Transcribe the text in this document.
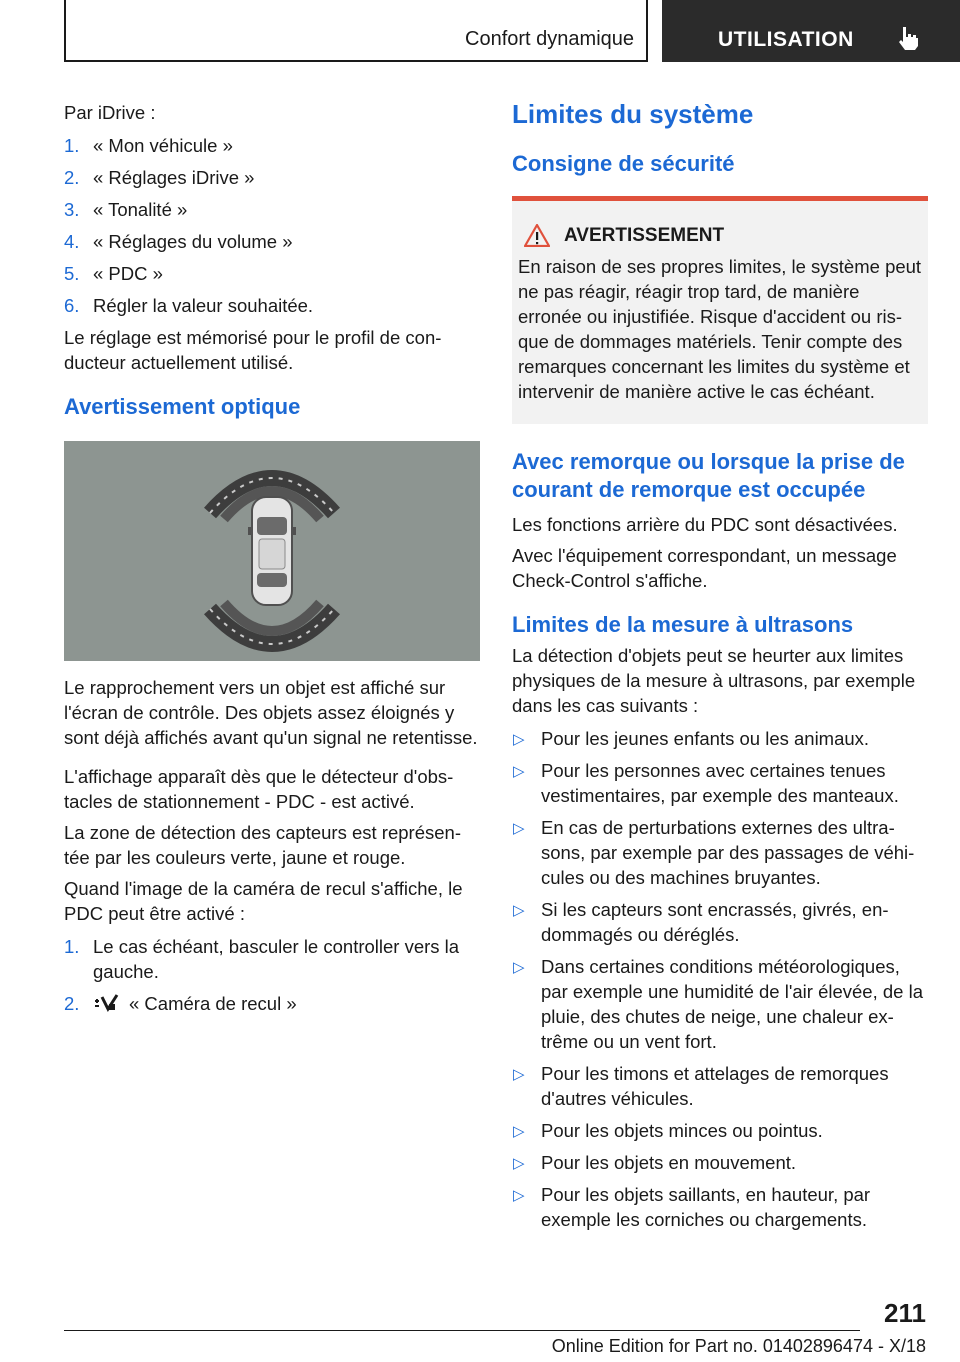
Confort dynamique	UTILISATION

Par iDrive :

1. « Mon véhicule »
2. « Réglages iDrive »
3. « Tonalité »
4. « Réglages du volume »
5. « PDC »
6. Régler la valeur souhaitée.

Le réglage est mémorisé pour le profil de conducteur actuellement utilisé.

Avertissement optique

Le rapprochement vers un objet est affiché sur l'écran de contrôle. Des objets assez éloignés y sont déjà affichés avant qu'un signal ne retentisse.

L'affichage apparaît dès que le détecteur d'obstacles de stationnement - PDC - est activé.

La zone de détection des capteurs est représentée par les couleurs verte, jaune et rouge.

Quand l'image de la caméra de recul s'affiche, le PDC peut être activé :

1. Le cas échéant, basculer le controller vers la gauche.
2.	« Caméra de recul »
Limites du système
Consigne de sécurité
AVERTISSEMENT
En raison de ses propres limites, le système peut ne pas réagir, réagir trop tard, de manière erronée ou injustifiée. Risque d'accident ou risque de dommages matériels. Tenir compte des remarques concernant les limites du système et intervenir de manière active le cas échéant.
Avec remorque ou lorsque la prise de courant de remorque est occupée

Les fonctions arrière du PDC sont désactivées.

Avec l'équipement correspondant, un message Check-Control s'affiche.

Limites de la mesure à ultrasons

La détection d'objets peut se heurter aux limites physiques de la mesure à ultrasons, par exemple dans les cas suivants :

▷ Pour les jeunes enfants ou les animaux.
▷ Pour les personnes avec certaines tenues vestimentaires, par exemple des manteaux.
▷ En cas de perturbations externes des ultrasons, par exemple par des passages de véhicules ou des machines bruyantes.
▷ Si les capteurs sont encrassés, givrés, endommagés ou déréglés.
▷ Dans certaines conditions météorologiques, par exemple une humidité de l'air élevée, de la pluie, des chutes de neige, une chaleur extrême ou un vent fort.
▷ Pour les timons et attelages de remorques d'autres véhicules.
▷ Pour les objets minces ou pointus.
▷ Pour les objets en mouvement.
▷ Pour les objets saillants, en hauteur, par exemple les corniches ou chargements.
211
Online Edition for Part no. 01402896474 - X/18
